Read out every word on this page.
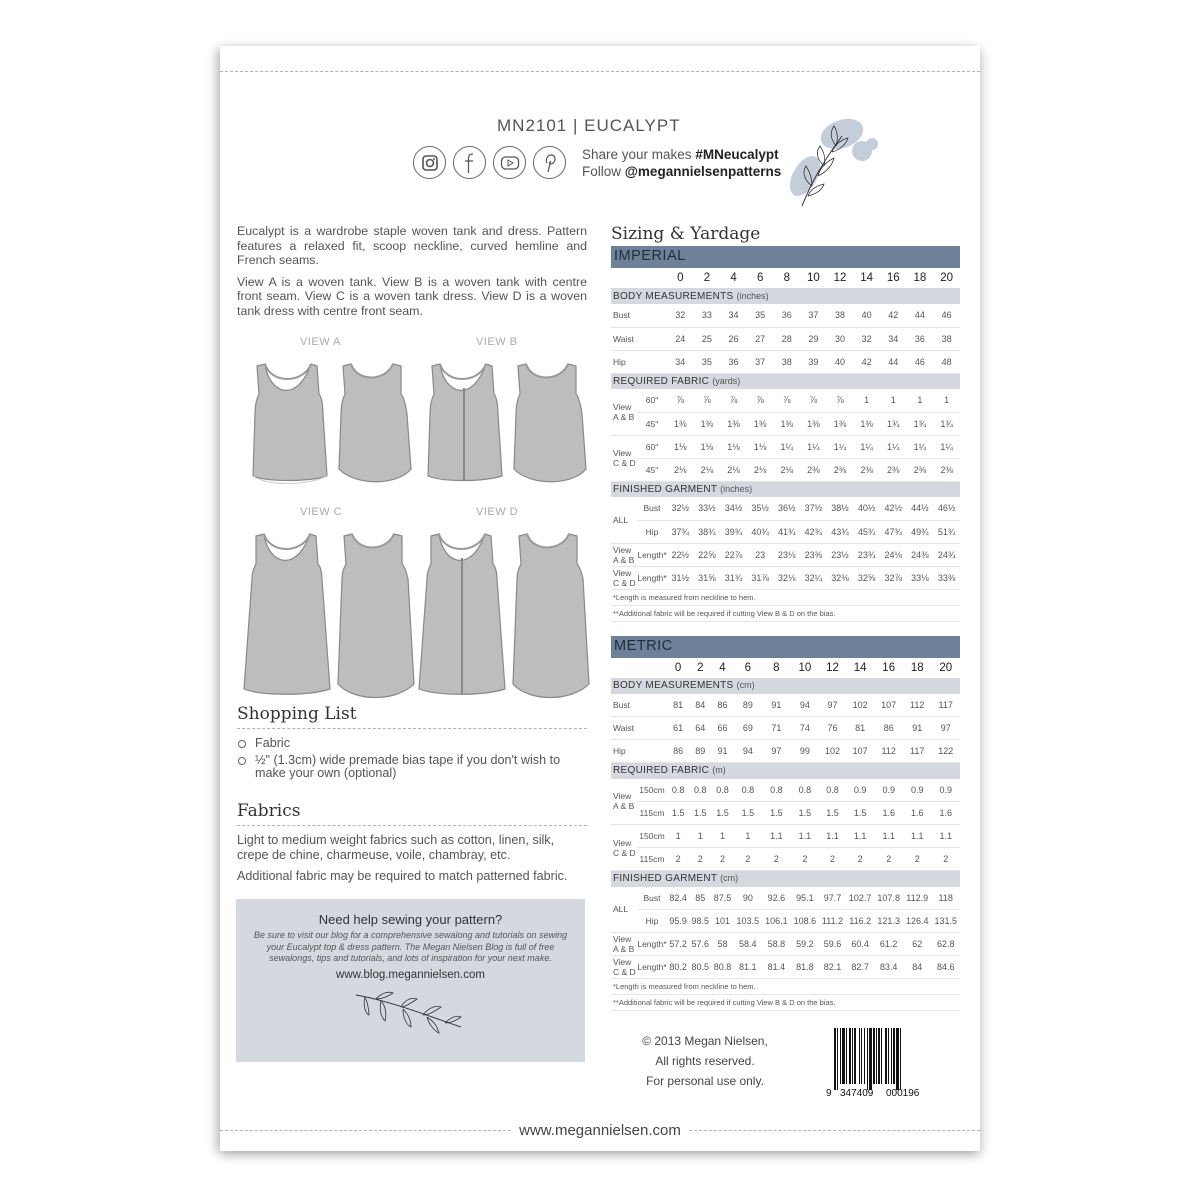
MN2101 | EUCALYPT
Share your makes #MNeucalypt
Follow @megannielsenpatterns

Eucalypt is a wardrobe staple woven tank and dress. Pattern features a relaxed fit, scoop neckline, curved hemline and French seams.

View A is a woven tank. View B is a woven tank with centre front seam. View C is a woven tank dress. View D is a woven tank dress with centre front seam.

VIEW A	VIEW B
VIEW C	VIEW D
Shopping List
Fabric
½" (1.3cm) wide premade bias tape if you don't wish to make your own (optional)
Fabrics

Light to medium weight fabrics such as cotton, linen, silk, crepe de chine, charmeuse, voile, chambray, etc.

Additional fabric may be required to match patterned fabric.

Need help sewing your pattern?
Be sure to visit our blog for a comprehensive sewalong and tutorials on sewing your Eucalypt top & dress pattern. The Megan Nielsen Blog is full of free sewalongs, tips and tutorials, and lots of inspiration for your next make.
www.blog.megannielsen.com
Sizing & Yardage
IMPERIAL
		0	2	4	6	8	10	12	14	16	18	20
BODY MEASUREMENTS (inches)												
Bust		32	33	34	35	36	37	38	40	42	44	46
Waist		24	25	26	27	28	29	30	32	34	36	38
Hip		34	35	36	37	38	39	40	42	44	46	48
REQUIRED FABRIC (yards)												
View A & B	60"	⅞	⅞	⅞	⅞	⅞	⅞	⅞	1	1	1	1
	45"	1⅜	1⅜	1⅜	1⅜	1⅜	1⅜	1⅜	1⅜	1¾	1¾	1¾
View C & D	60"	1⅛	1⅛	1⅛	1⅛	1¼	1¼	1¼	1¼	1¼	1¼	1¼
	45"	2⅛	2⅛	2⅛	2⅛	2⅛	2⅜	2⅜	2⅜	2⅜	2⅜	2⅜
FINISHED GARMENT (inches)												
ALL	Bust	32½	33½	34½	35½	36½	37½	38½	40½	42½	44½	46½
	Hip	37¾	38¾	39¾	40¾	41¾	42¾	43¾	45¾	47¾	49¾	51¾
View A & B	Length*	22½	22⅝	22⅞	23	23⅛	23⅜	23½	23¾	24⅛	24⅜	24¾
View C & D	Length*	31½	31⅝	31¾	31⅞	32⅛	32¼	32⅜	32⅝	32⅞	33⅛	33⅜
*Length is measured from neckline to hem.												
**Additional fabric will be required if cutting View B & D on the bias.												
METRIC
		0	2	4	6	8	10	12	14	16	18	20
BODY MEASUREMENTS (cm)												
Bust		81	84	86	89	91	94	97	102	107	112	117
Waist		61	64	66	69	71	74	76	81	86	91	97
Hip		86	89	91	94	97	99	102	107	112	117	122
REQUIRED FABRIC (m)												
View A & B	150cm	0.8	0.8	0.8	0.8	0.8	0.8	0.8	0.9	0.9	0.9	0.9
	115cm	1.5	1.5	1.5	1.5	1.5	1.5	1.5	1.5	1.6	1.6	1.6
View C & D	150cm	1	1	1	1	1.1	1.1	1.1	1.1	1.1	1.1	1.1
	115cm	2	2	2	2	2	2	2	2	2	2	2
FINISHED GARMENT (cm)												
ALL	Bust	82.4	85	87.5	90	92.6	95.1	97.7	102.7	107.8	112.9	118
	Hip	95.9	98.5	101	103.5	106.1	108.6	111.2	116.2	121.3	126.4	131.5
View A & B	Length*	57.2	57.6	58	58.4	58.8	59.2	59.6	60.4	61.2	62	62.8
View C & D	Length*	80.2	80.5	80.8	81.1	81.4	81.8	82.1	82.7	83.4	84	84.6
*Length is measured from neckline to hem.												
**Additional fabric will be required if cutting View B & D on the bias.												
© 2013 Megan Nielsen,
All rights reserved.
For personal use only.
9 347409 000196
www.megannielsen.com
